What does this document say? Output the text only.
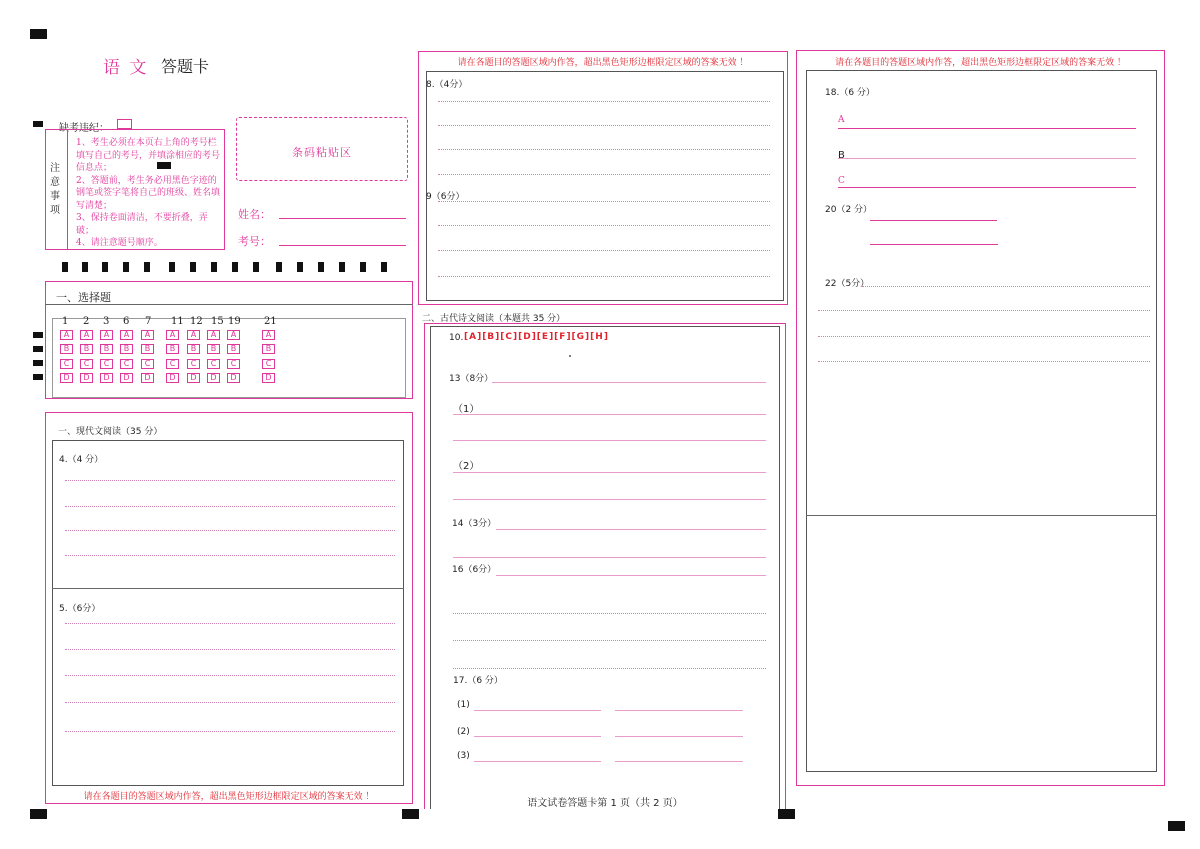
语 文 答题卡
缺考违纪：
注意事项
1、考生必须在本页右上角的考号栏填写自己的考号，并填涂相应的考号信息点；
2、答题前，考生务必用黑色字迹的钢笔或签字笔将自己的班级、姓名填写清楚；
3、保持卷面清洁，不要折叠，弄破；
4、请注意题号顺序。
条码粘贴区
姓名：
考号：
一、选择题
1 2 3 6 7 11 12 15 19 21
A
B
C
D
A
B
C
D
A
B
C
D
A
B
C
D
A
B
C
D
A
B
C
D
A
B
C
D
A
B
C
D
A
B
C
D
A
B
C
D
一、现代文阅读（35 分）
4.（4 分）
5.（6分）
请在各题目的答题区域内作答，超出黑色矩形边框限定区域的答案无效 ！
请在各题目的答题区域内作答，超出黑色矩形边框限定区域的答案无效 ！
8.（4分）
9（6分）
二、古代诗文阅读（本题共 35 分）
10. [A][B][C][D][E][F][G][H]
13（8分）
（1）
（2）
14（3分）
16（6分）
17.（6 分）
(1)
(2)
(3)
语文试卷答题卡第 1 页（共 2 页）
请在各题目的答题区域内作答，超出黑色矩形边框限定区域的答案无效 ！
18.（6 分）
A
B
C
20（2 分）
22（5分）
